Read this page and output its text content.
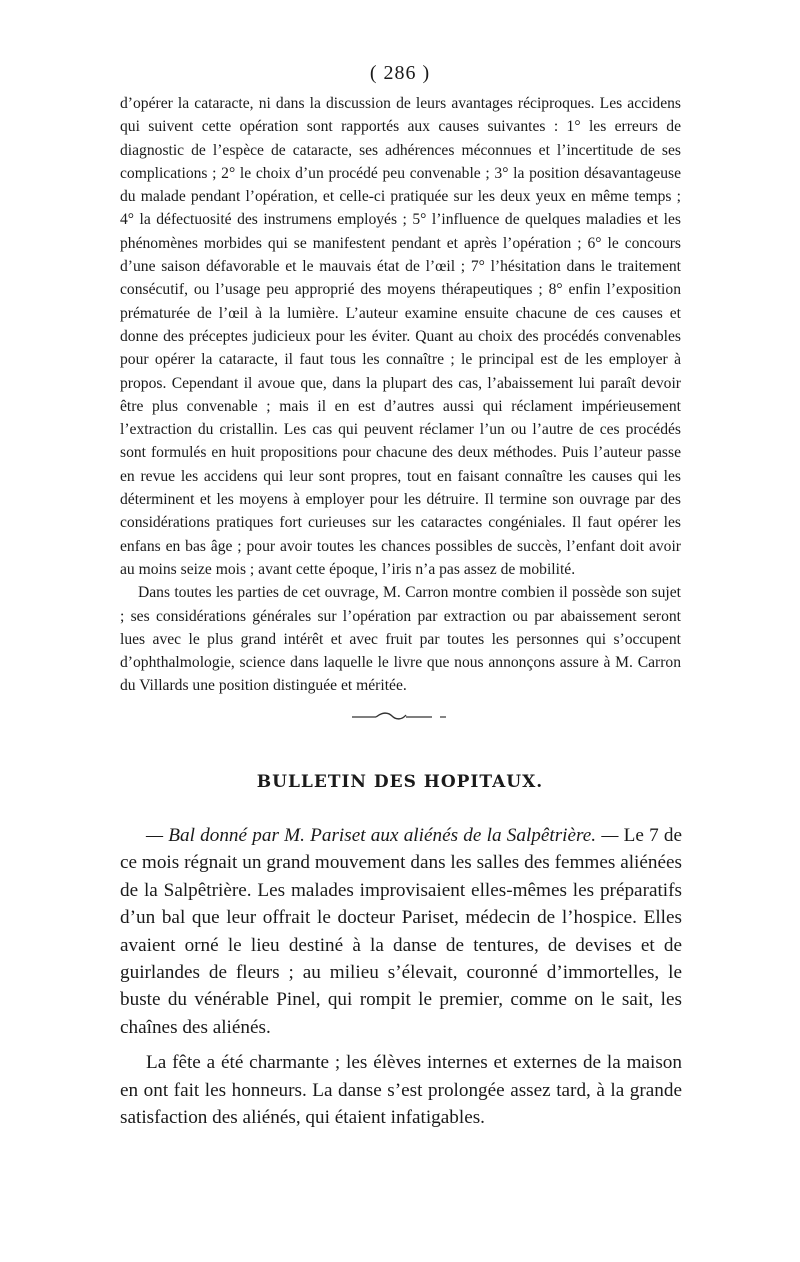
( 286 )

d’opérer la cataracte, ni dans la discussion de leurs avantages réciproques. Les accidens qui suivent cette opération sont rapportés aux causes suivantes : 1° les erreurs de diagnostic de l’espèce de cataracte, ses adhérences méconnues et l’incertitude de ses complications ; 2° le choix d’un procédé peu convenable ; 3° la position désavantageuse du malade pendant l’opération, et celle-ci pratiquée sur les deux yeux en même temps ; 4° la défectuosité des instrumens employés ; 5° l’influence de quelques maladies et les phénomènes morbides qui se manifestent pendant et après l’opération ; 6° le concours d’une saison défavorable et le mauvais état de l’œil ; 7° l’hésitation dans le traitement consécutif, ou l’usage peu approprié des moyens thérapeutiques ; 8° enfin l’exposition prématurée de l’œil à la lumière. L’auteur examine ensuite chacune de ces causes et donne des préceptes judicieux pour les éviter. Quant au choix des procédés convenables pour opérer la cataracte, il faut tous les connaître ; le principal est de les employer à propos. Cependant il avoue que, dans la plupart des cas, l’abaissement lui paraît devoir être plus convenable ; mais il en est d’autres aussi qui réclament impérieusement l’extraction du cristallin. Les cas qui peuvent réclamer l’un ou l’autre de ces procédés sont formulés en huit propositions pour chacune des deux méthodes. Puis l’auteur passe en revue les accidens qui leur sont propres, tout en faisant connaître les causes qui les déterminent et les moyens à employer pour les détruire. Il termine son ouvrage par des considérations pratiques fort curieuses sur les cataractes congéniales. Il faut opérer les enfans en bas âge ; pour avoir toutes les chances possibles de succès, l’enfant doit avoir au moins seize mois ; avant cette époque, l’iris n’a pas assez de mobilité.

Dans toutes les parties de cet ouvrage, M. Carron montre combien il possède son sujet ; ses considérations générales sur l’opération par extraction ou par abaissement seront lues avec le plus grand intérêt et avec fruit par toutes les personnes qui s’occupent d’ophthalmologie, science dans laquelle le livre que nous annonçons assure à M. Carron du Villards une position distinguée et méritée.

BULLETIN DES HOPITAUX.

— Bal donné par M. Pariset aux aliénés de la Salpêtrière. — Le 7 de ce mois régnait un grand mouvement dans les salles des femmes aliénées de la Salpêtrière. Les malades improvisaient elles-mêmes les préparatifs d’un bal que leur offrait le docteur Pariset, médecin de l’hospice. Elles avaient orné le lieu destiné à la danse de tentures, de devises et de guirlandes de fleurs ; au milieu s’élevait, couronné d’immortelles, le buste du vénérable Pinel, qui rompit le premier, comme on le sait, les chaînes des aliénés.

La fête a été charmante ; les élèves internes et externes de la maison en ont fait les honneurs. La danse s’est prolongée assez tard, à la grande satisfaction des aliénés, qui étaient infatigables.
